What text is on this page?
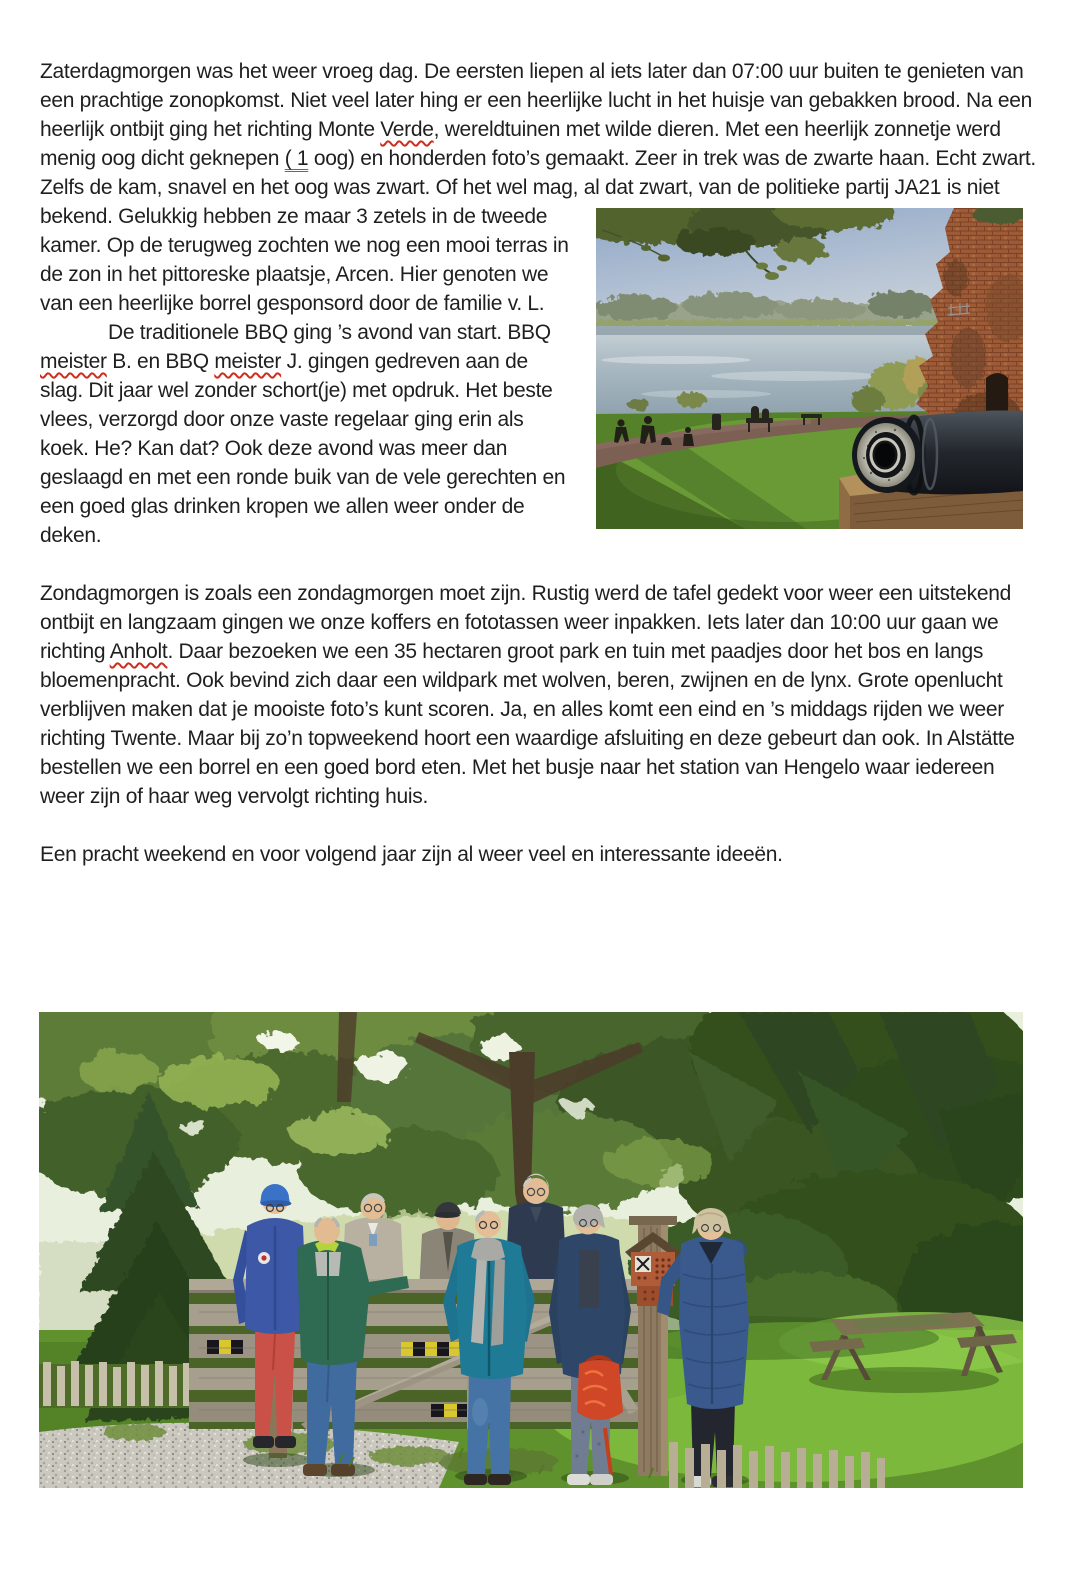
Zaterdagmorgen was het weer vroeg dag. De eersten liepen al iets later dan 07:00 uur buiten te genieten van een prachtige zonopkomst. Niet veel later hing er een heerlijke lucht in het huisje van gebakken brood. Na een heerlijk ontbijt ging het richting Monte Verde, wereldtuinen met wilde dieren. Met een heerlijk zonnetje werd menig oog dicht geknepen ( 1 oog) en honderden foto’s gemaakt. Zeer in trek was de zwarte haan. Echt zwart. Zelfs de kam, snavel en het oog was zwart. Of het wel mag, al dat zwart, van de politieke partij JA21 is niet bekend. Gelukkig hebben ze maar 3
zetels in de tweede kamer. Op de terugweg zochten we nog een mooi terras in de zon in het pittoreske plaatsje, Arcen. Hier genoten we van een heerlijke borrel gesponsord door de familie v. L.

De traditionele BBQ ging ’s avond van start. BBQ meister B. en BBQ meister J. gingen gedreven aan de slag. Dit jaar wel zonder schort(je) met opdruk. Het beste vlees, verzorgd door onze vaste regelaar ging erin als koek. He? Kan dat? Ook deze avond was meer dan geslaagd en met een ronde buik van de vele gerechten en een goed glas drinken kropen we allen weer onder de deken.

Zondagmorgen is zoals een zondagmorgen moet zijn. Rustig werd de tafel gedekt voor weer een uitstekend ontbijt en langzaam gingen we onze koffers en fototassen weer inpakken. Iets later dan 10:00 uur gaan we richting Anholt. Daar bezoeken we een 35 hectaren groot park en tuin met paadjes door het bos en langs bloemenpracht. Ook bevind zich daar een wildpark met wolven, beren, zwijnen en de lynx. Grote openlucht verblijven maken dat je mooiste foto’s kunt scoren. Ja, en alles komt een eind en ’s middags rijden we weer richting Twente. Maar bij zo’n topweekend hoort een waardige afsluiting en deze gebeurt dan ook. In Alstätte bestellen we een borrel en een goed bord eten. Met het busje naar het station van Hengelo waar iedereen weer zijn of haar weg vervolgt richting huis.

Een pracht weekend en voor volgend jaar zijn al weer veel en interessante ideeën.
